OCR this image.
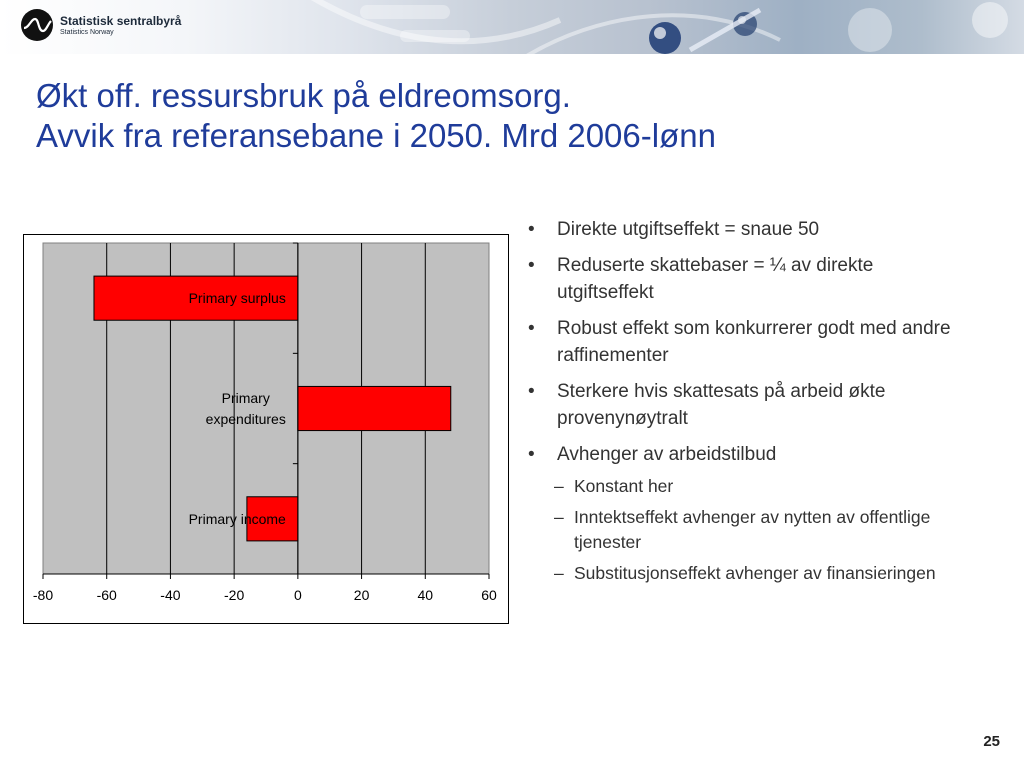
Statistisk sentralbyrå
Statistics Norway
Økt off. ressursbruk på eldreomsorg.
Avvik fra referansebane i 2050. Mrd 2006-lønn
-80	-60	-40	-20	0	20	40	60
Primary surplus
Primary expenditures
Primary income
• Direkte utgiftseffekt = snaue 50
• Reduserte skattebaser = ¼ av direkte utgiftseffekt
• Robust effekt som konkurrerer godt med andre raffinementer
• Sterkere hvis skattesats på arbeid økte provenynøytralt
• Avhenger av arbeidstilbud
– Konstant her
– Inntektseffekt avhenger av nytten av offentlige tjenester
– Substitusjonseffekt avhenger av finansieringen
25
